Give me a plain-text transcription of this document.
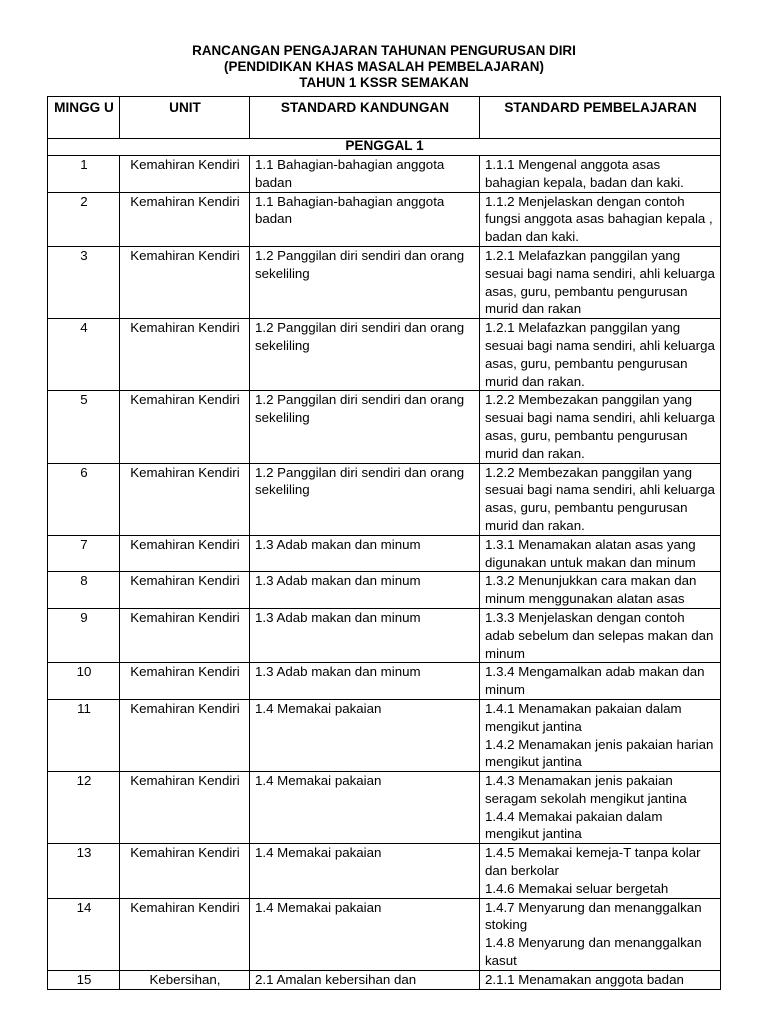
RANCANGAN PENGAJARAN TAHUNAN PENGURUSAN DIRI
(PENDIDIKAN KHAS MASALAH PEMBELAJARAN)
TAHUN 1 KSSR SEMAKAN
MINGG U	UNIT	STANDARD KANDUNGAN	STANDARD PEMBELAJARAN
PENGGAL 1			
1	Kemahiran Kendiri	1.1 Bahagian-bahagian anggota badan	1.1.1 Mengenal anggota asas bahagian kepala, badan dan kaki.

2	Kemahiran Kendiri	1.1 Bahagian-bahagian anggota badan	1.1.2 Menjelaskan dengan contoh fungsi anggota asas bahagian kepala , badan dan kaki.

3	Kemahiran Kendiri	1.2 Panggilan diri sendiri dan orang sekeliling	1.2.1 Melafazkan panggilan yang sesuai bagi nama sendiri, ahli keluarga asas, guru, pembantu pengurusan murid dan rakan

4	Kemahiran Kendiri	1.2 Panggilan diri sendiri dan orang sekeliling	1.2.1 Melafazkan panggilan yang sesuai bagi nama sendiri, ahli keluarga asas, guru, pembantu pengurusan murid dan rakan.

5	Kemahiran Kendiri	1.2 Panggilan diri sendiri dan orang sekeliling	1.2.2 Membezakan panggilan yang sesuai bagi nama sendiri, ahli keluarga asas, guru, pembantu pengurusan murid dan rakan.

6	Kemahiran Kendiri	1.2 Panggilan diri sendiri dan orang sekeliling	1.2.2 Membezakan panggilan yang sesuai bagi nama sendiri, ahli keluarga asas, guru, pembantu pengurusan murid dan rakan.

7	Kemahiran Kendiri	1.3 Adab makan dan minum	1.3.1 Menamakan alatan asas yang digunakan untuk makan dan minum

8	Kemahiran Kendiri	1.3 Adab makan dan minum	1.3.2 Menunjukkan cara makan dan minum menggunakan alatan asas

9	Kemahiran Kendiri	1.3 Adab makan dan minum	1.3.3 Menjelaskan dengan contoh adab sebelum dan selepas makan dan minum

10	Kemahiran Kendiri	1.3 Adab makan dan minum	1.3.4 Mengamalkan adab makan dan minum

11	Kemahiran Kendiri	1.4 Memakai pakaian	1.4.1 Menamakan pakaian dalam mengikut jantina
1.4.2 Menamakan jenis pakaian harian mengikut jantina

12	Kemahiran Kendiri	1.4 Memakai pakaian	1.4.3 Menamakan jenis pakaian seragam sekolah mengikut jantina
1.4.4 Memakai pakaian dalam mengikut jantina

13	Kemahiran Kendiri	1.4 Memakai pakaian	1.4.5 Memakai kemeja-T tanpa kolar dan berkolar
1.4.6 Memakai seluar bergetah

14	Kemahiran Kendiri	1.4 Memakai pakaian	1.4.7 Menyarung dan menanggalkan stoking
1.4.8 Menyarung dan menanggalkan kasut

15	Kebersihan,	2.1 Amalan kebersihan dan	2.1.1 Menamakan anggota badan
